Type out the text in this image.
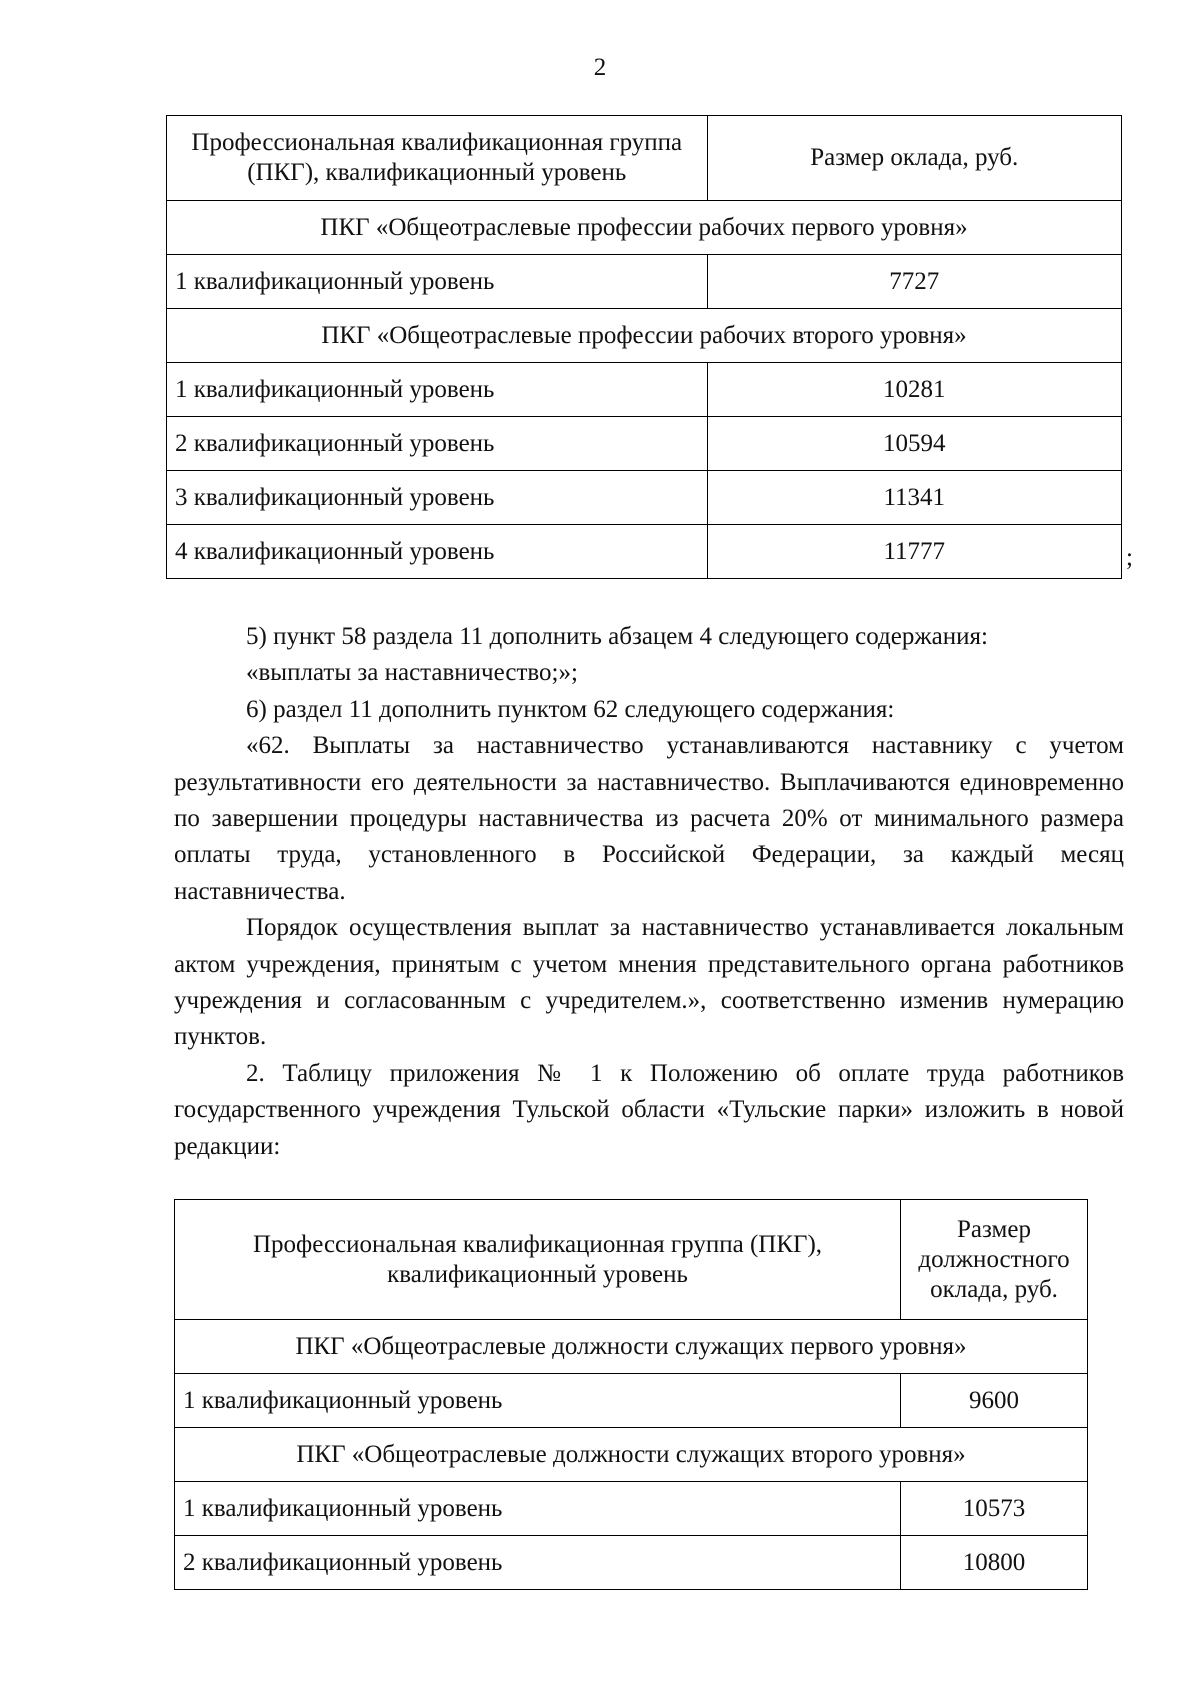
2
Профессиональная квалификационная группа (ПКГ), квалификационный уровень	Размер оклада, руб.
ПКГ «Общеотраслевые профессии рабочих первого уровня»	
1 квалификационный уровень	7727
ПКГ «Общеотраслевые профессии рабочих второго уровня»	
1 квалификационный уровень	10281
2 квалификационный уровень	10594
3 квалификационный уровень	11341
4 квалификационный уровень	11777	;

5) пункт 58 раздела 11 дополнить абзацем 4 следующего содержания:

«выплаты за наставничество;»;

6) раздел 11 дополнить пунктом 62 следующего содержания:

«62. Выплаты за наставничество устанавливаются наставнику с учетом результативности его деятельности за наставничество. Выплачиваются единовременно по завершении процедуры наставничества из расчета 20% от минимального размера оплаты труда, установленного в Российской Федерации, за каждый месяц наставничества.

Порядок осуществления выплат за наставничество устанавливается локальным актом учреждения, принятым с учетом мнения представительного органа работников учреждения и согласованным с учредителем.», соответственно изменив нумерацию пунктов.

2. Таблицу приложения № 1 к Положению об оплате труда работников государственного учреждения Тульской области «Тульские парки» изложить в новой редакции:

Профессиональная квалификационная группа (ПКГ), квалификационный уровень	Размер должностного оклада, руб.
ПКГ «Общеотраслевые должности служащих первого уровня»	
1 квалификационный уровень	9600
ПКГ «Общеотраслевые должности служащих второго уровня»	
1 квалификационный уровень	10573
2 квалификационный уровень	10800
